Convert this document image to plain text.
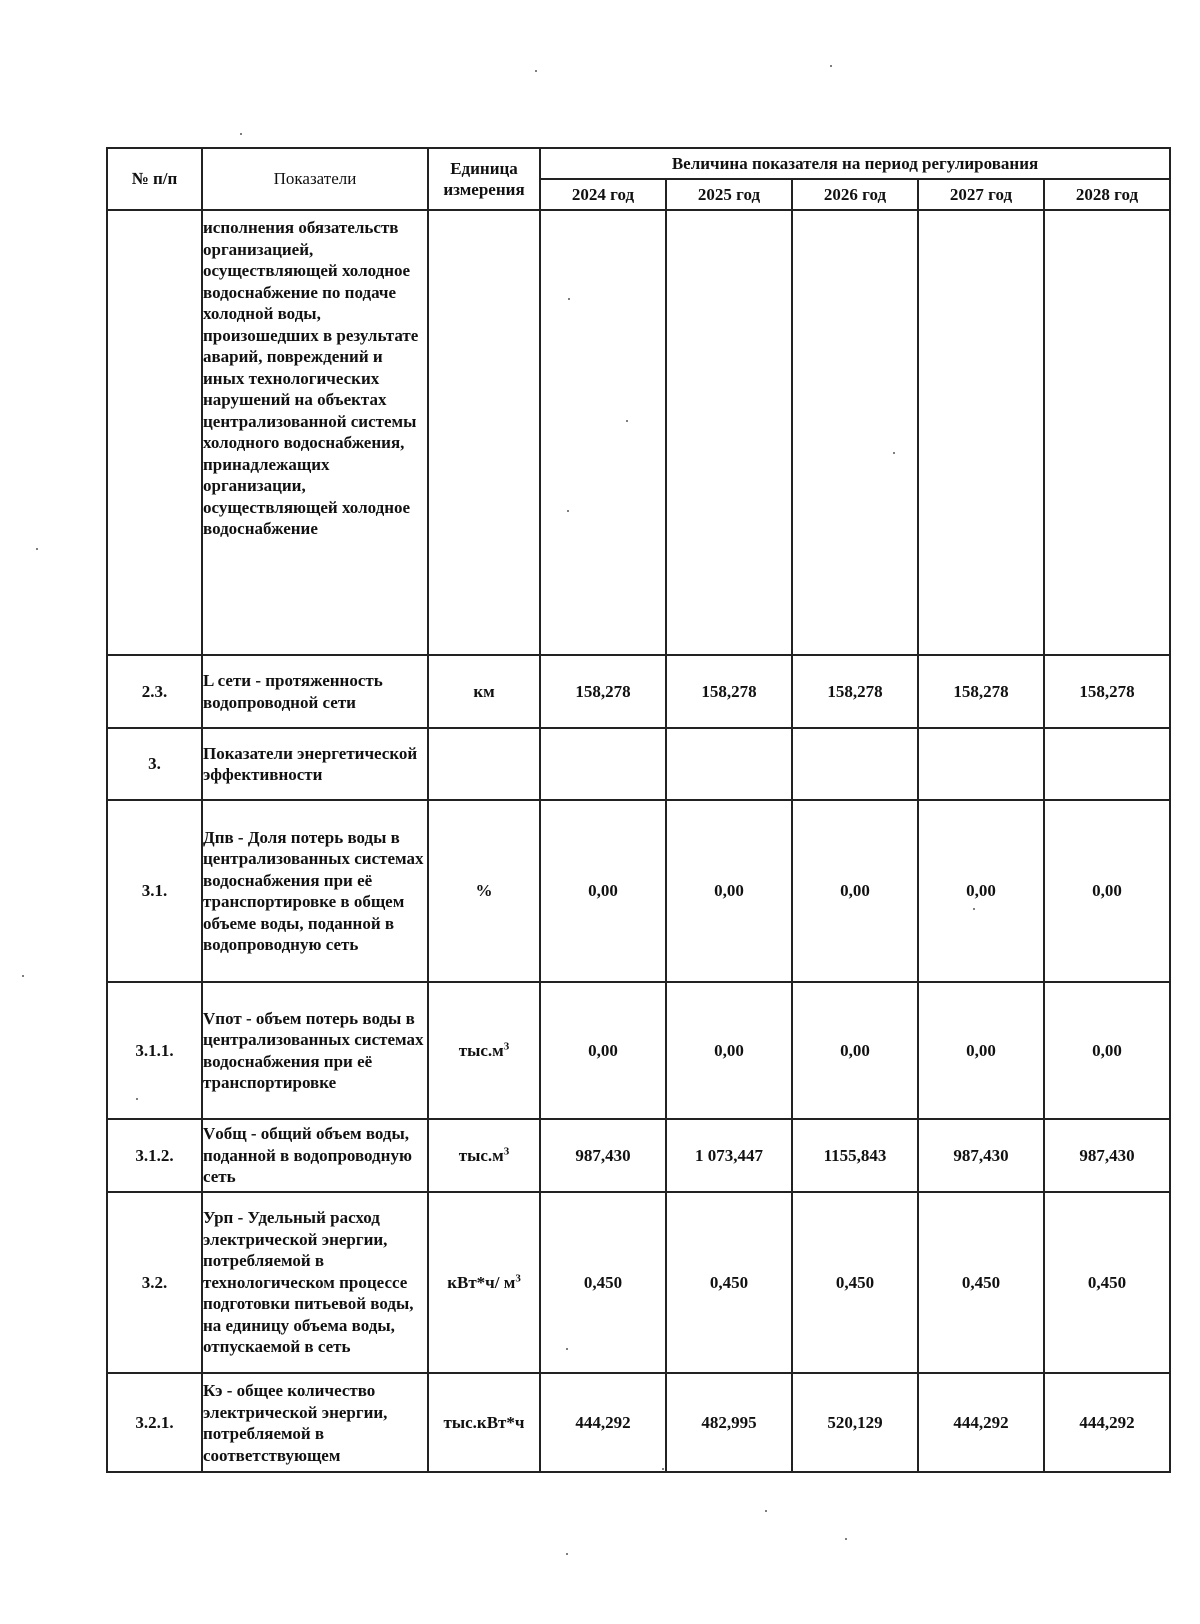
№ п/п	Показатели	Единица измерения	Величина показателя на период регулирования				
			2024 год	2025 год	2026 год	2027 год	2028 год
	исполнения обязательств организацией, осуществляющей холодное водоснабжение по подаче холодной воды, произошедших в результате аварий, повреждений и иных технологических нарушений на объектах централизованной системы холодного водоснабжения, принадлежащих организации, осуществляющей холодное водоснабжение						
2.3.	L сети - протяженность водопроводной сети	км	158,278	158,278	158,278	158,278	158,278
3.	Показатели энергетической эффективности						
3.1.	Дпв - Доля потерь воды в централизованных системах водоснабжения при её транспортировке в общем объеме воды, поданной в водопроводную сеть	%	0,00	0,00	0,00	0,00	0,00
3.1.1.	Vпот - объем потерь воды в централизованных системах водоснабжения при её транспортировке	$тыс.м^3$	0,00	0,00	0,00	0,00	0,00
3.1.2.	Vобщ - общий объем воды, поданной в водопроводную сеть	$тыс.м^3$	987,430	1 073,447	1155,843	987,430	987,430
3.2.	Урп - Удельный расход электрической энергии, потребляемой в технологическом процессе подготовки питьевой воды, на единицу объема воды, отпускаемой в сеть	кВт*ч/ $м^3$	0,450	0,450	0,450	0,450	0,450
3.2.1.	Кэ - общее количество электрической энергии, потребляемой в соответствующем	тыс.кВт*ч	444,292	482,995	520,129	444,292	444,292
